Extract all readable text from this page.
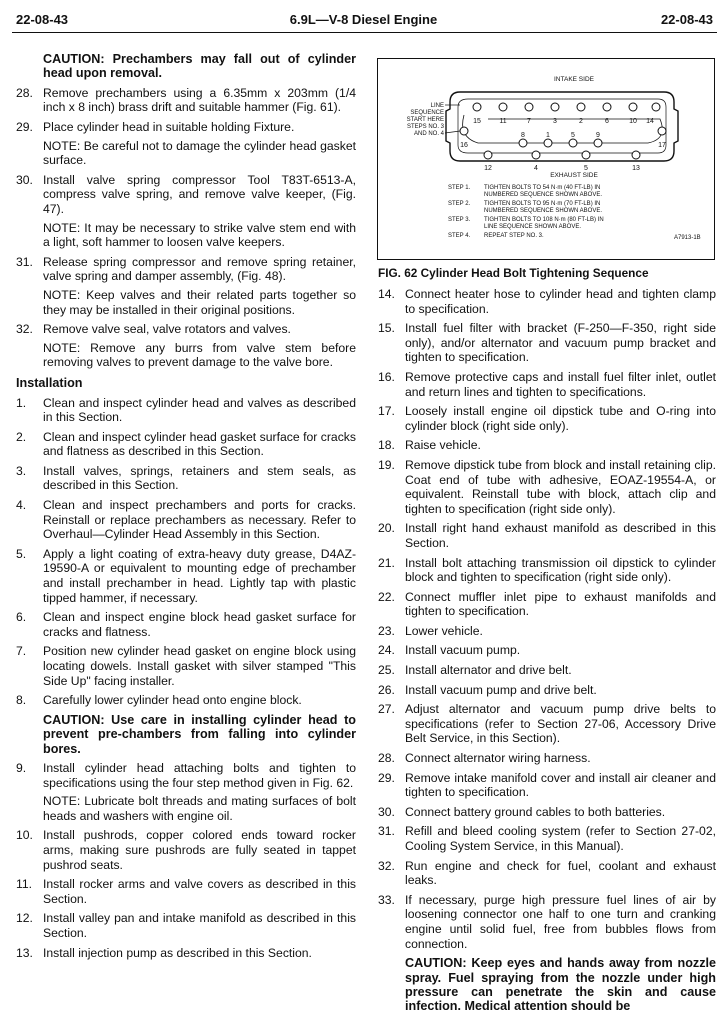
22-08-43	6.9L—V-8 Diesel Engine	22-08-43
CAUTION: Prechambers may fall out of cylinder head upon removal.
28. Remove prechambers using a 6.35mm x 203mm (1/4 inch x 8 inch) brass drift and suitable hammer (Fig. 61).

29. Place cylinder head in suitable holding Fixture.

NOTE: Be careful not to damage the cylinder head gasket surface.
30. Install valve spring compressor Tool T83T-6513-A, compress valve spring, and remove valve keeper, (Fig. 47).

NOTE: It may be necessary to strike valve stem end with a light, soft hammer to loosen valve keepers.
31. Release spring compressor and remove spring retainer, valve spring and damper assembly, (Fig. 48).

NOTE: Keep valves and their related parts together so they may be installed in their original positions.
32. Remove valve seal, valve rotators and valves.

NOTE: Remove any burrs from valve stem before removing valves to prevent damage to the valve bore.
Installation
1. Clean and inspect cylinder head and valves as described in this Section.

2. Clean and inspect cylinder head gasket surface for cracks and flatness as described in this Section.

3. Install valves, springs, retainers and stem seals, as described in this Section.

4. Clean and inspect prechambers and ports for cracks. Reinstall or replace prechambers as necessary. Refer to Overhaul—Cylinder Head Assembly in this Section.

5. Apply a light coating of extra-heavy duty grease, D4AZ-19590-A or equivalent to mounting edge of prechamber and install prechamber in head. Lightly tap with plastic tipped hammer, if necessary.

6. Clean and inspect engine block head gasket surface for cracks and flatness.

7. Position new cylinder head gasket on engine block using locating dowels. Install gasket with silver stamped "This Side Up" facing installer.

8. Carefully lower cylinder head onto engine block.

CAUTION: Use care in installing cylinder head to prevent pre-chambers from falling into cylinder bores.
9. Install cylinder head attaching bolts and tighten to specifications using the four step method given in Fig. 62.

NOTE: Lubricate bolt threads and mating surfaces of bolt heads and washers with engine oil.
10. Install pushrods, copper colored ends toward rocker arms, making sure pushrods are fully seated in tappet pushrod seats.

11. Install rocker arms and valve covers as described in this Section.

12. Install valley pan and intake manifold as described in this Section.

13. Install injection pump as described in this Section.

INTAKE SIDE
EXHAUST SIDE
15	11	7	3	2	6	10 14
16	17
8	1	5	9
12	4	5	13
LINE
SEQUENCE
START HERE
STEPS NO. 3
AND NO. 4
STEP 1. TIGHTEN BOLTS TO 54 N·m (40 FT-LB) IN
NUMBERED SEQUENCE SHOWN ABOVE.
STEP 2. TIGHTEN BOLTS TO 95 N·m (70 FT-LB) IN
NUMBERED SEQUENCE SHOWN ABOVE.
STEP 3. TIGHTEN BOLTS TO 108 N·m (80 FT-LB) IN
LINE SEQUENCE SHOWN ABOVE.
STEP 4. REPEAT STEP NO. 3.	A7913-1B
FIG. 62 Cylinder Head Bolt Tightening Sequence
14. Connect heater hose to cylinder head and tighten clamp to specification.

15. Install fuel filter with bracket (F-250—F-350, right side only), and/or alternator and vacuum pump bracket and tighten to specification.

16. Remove protective caps and install fuel filter inlet, outlet and return lines and tighten to specifications.

17. Loosely install engine oil dipstick tube and O-ring into cylinder block (right side only).

18. Raise vehicle.

19. Remove dipstick tube from block and install retaining clip. Coat end of tube with adhesive, EOAZ-19554-A, or equivalent. Reinstall tube with block, attach clip and tighten to specification (right side only).

20. Install right hand exhaust manifold as described in this Section.

21. Install bolt attaching transmission oil dipstick to cylinder block and tighten to specification (right side only).

22. Connect muffler inlet pipe to exhaust manifolds and tighten to specification.

23. Lower vehicle.

24. Install vacuum pump.

25. Install alternator and drive belt.

26. Install vacuum pump and drive belt.

27. Adjust alternator and vacuum pump drive belts to specifications (refer to Section 27-06, Accessory Drive Belt Service, in this Section).

28. Connect alternator wiring harness.

29. Remove intake manifold cover and install air cleaner and tighten to specification.

30. Connect battery ground cables to both batteries.

31. Refill and bleed cooling system (refer to Section 27-02, Cooling System Service, in this Manual).

32. Run engine and check for fuel, coolant and exhaust leaks.

33. If necessary, purge high pressure fuel lines of air by loosening connector one half to one turn and cranking engine until solid fuel, free from bubbles flows from connection.

CAUTION: Keep eyes and hands away from nozzle spray. Fuel spraying from the nozzle under high pressure can penetrate the skin and cause infection. Medical attention should be
